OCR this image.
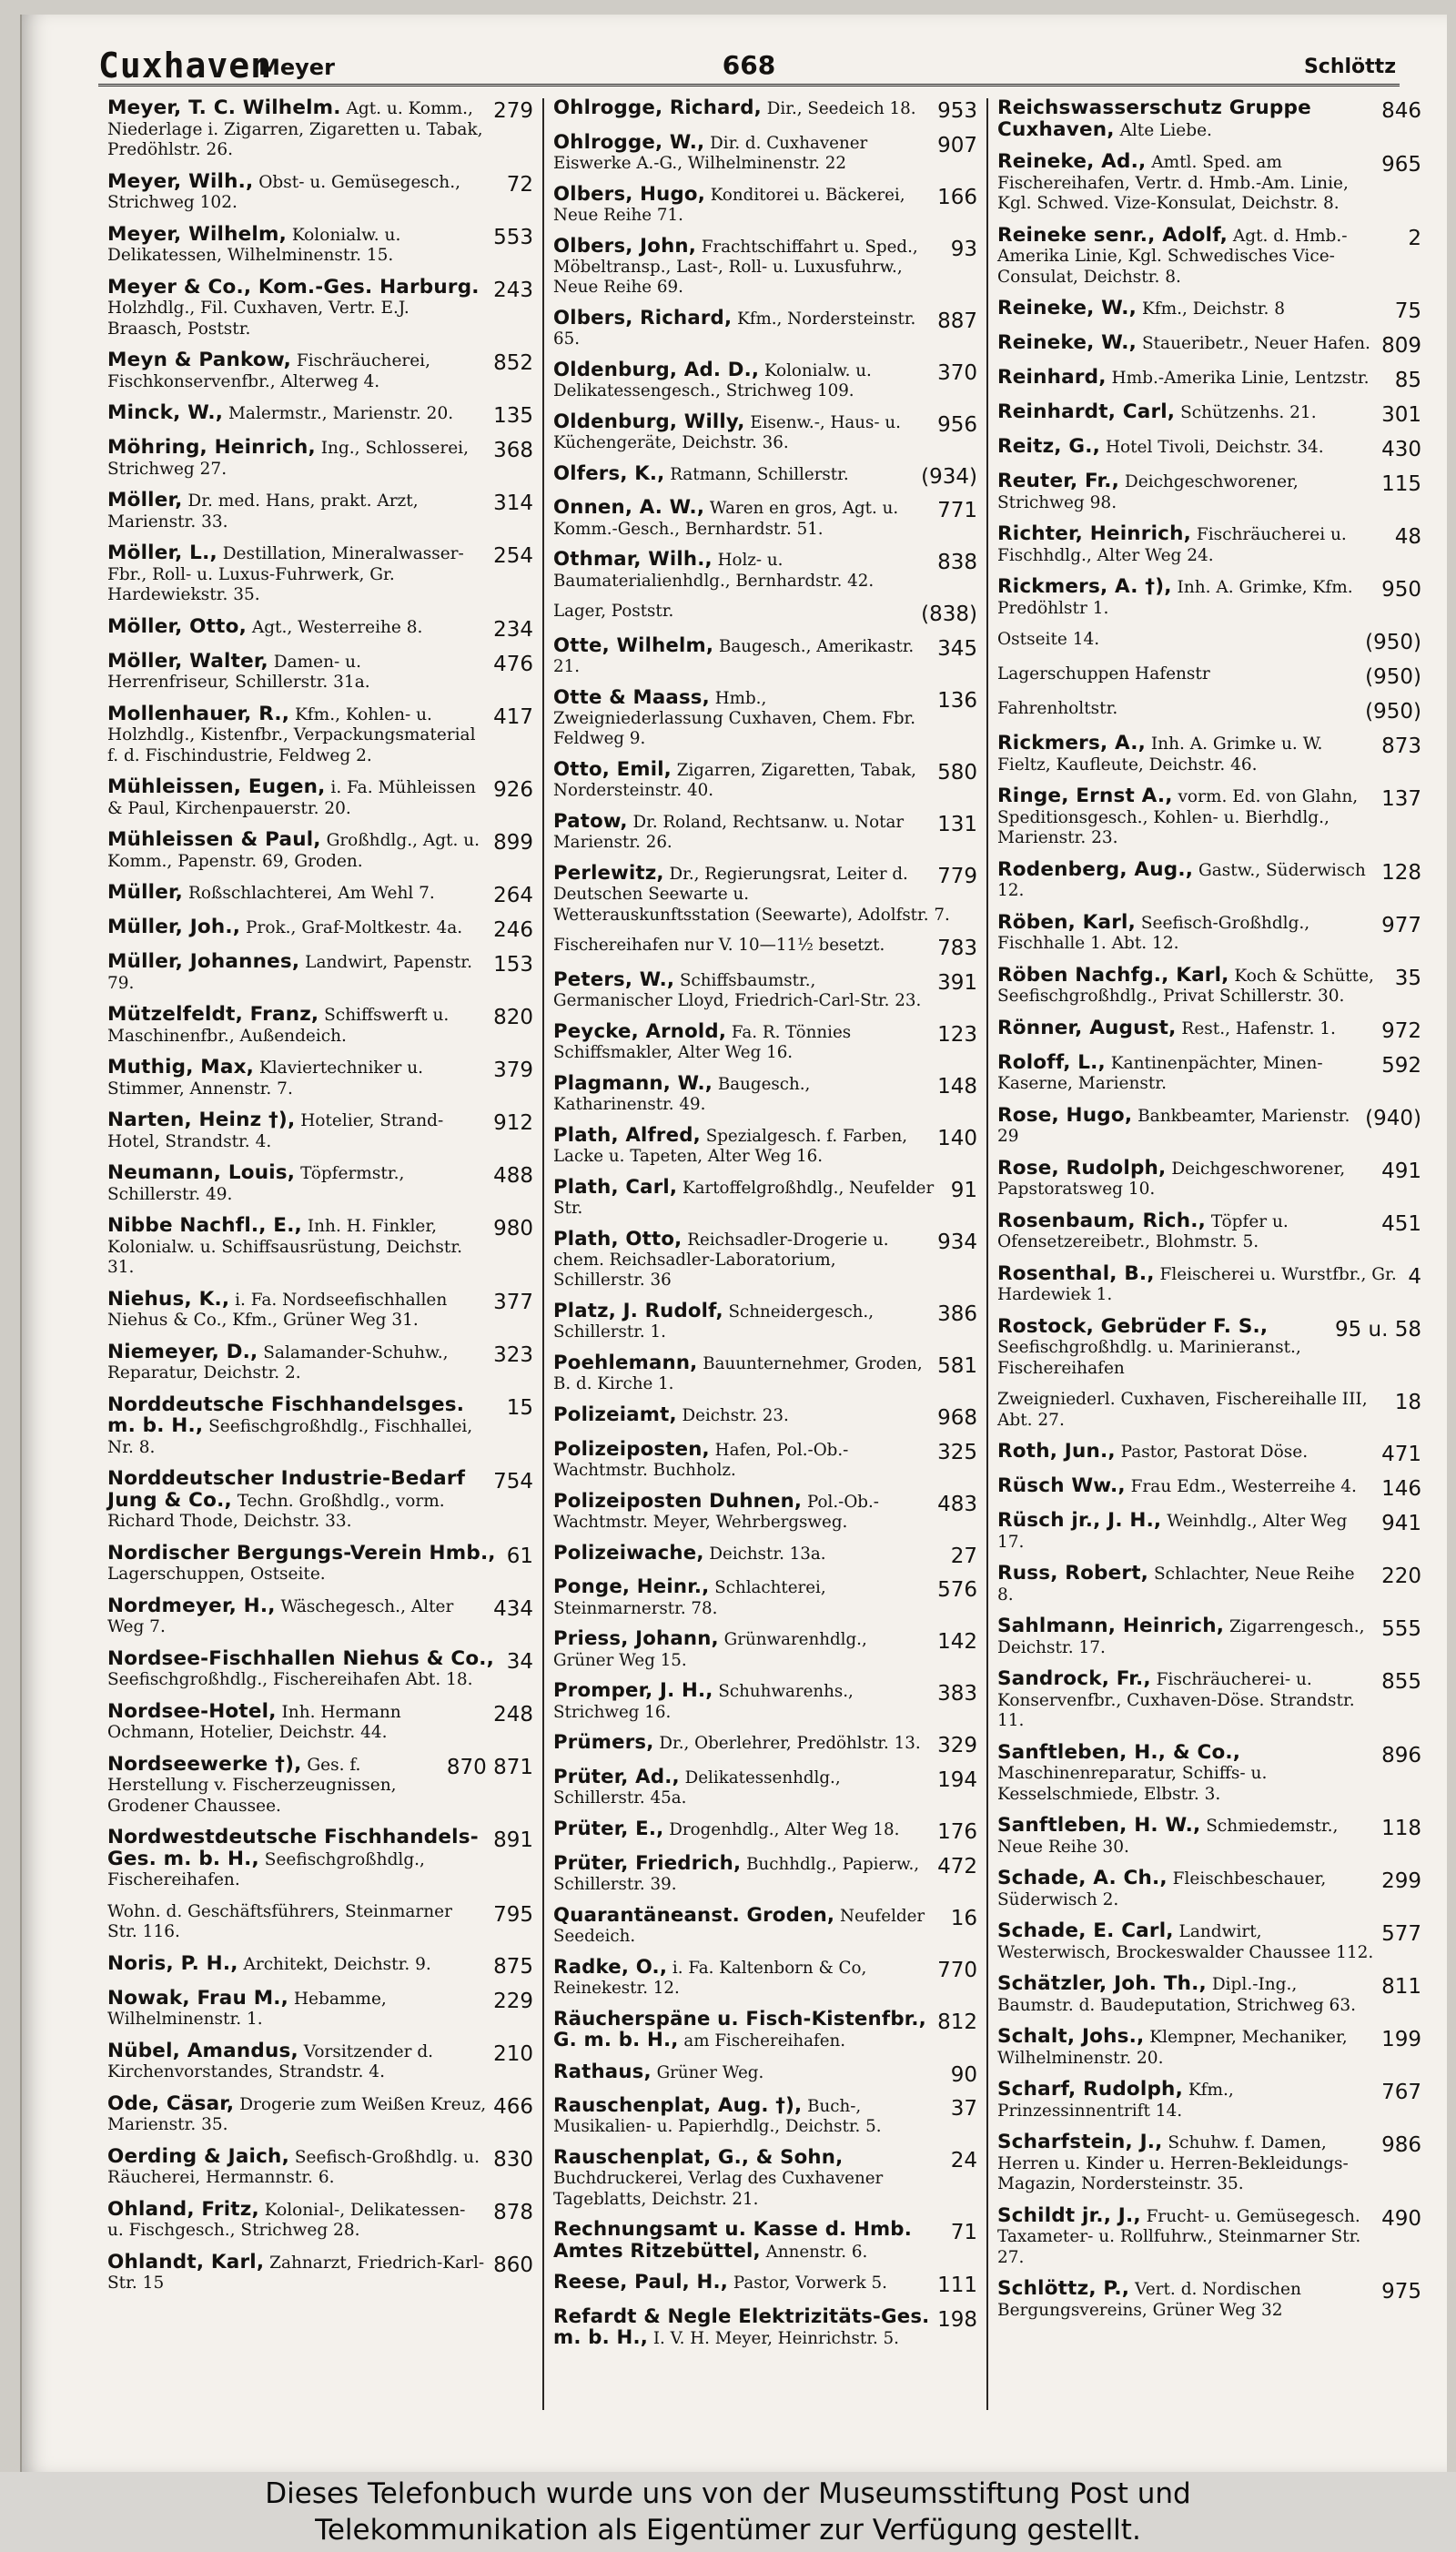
Cuxhaven
Meyer	668	Schlöttz
279
Meyer, T. C. Wilhelm. Agt. u. Komm., Niederlage i. Zigarren, Zigaretten u. Tabak, Predöhlstr. 26.
72
Meyer, Wilh., Obst- u. Gemüsegesch., Strichweg 102.
553
Meyer, Wilhelm, Kolonialw. u. Delikatessen, Wilhelminenstr. 15.
243
Meyer & Co., Kom.-Ges. Harburg. Holzhdlg., Fil. Cuxhaven, Vertr. E.J. Braasch, Poststr.
852
Meyn & Pankow, Fischräucherei, Fischkonservenfbr., Alterweg 4.
135
Minck, W., Malermstr., Marienstr. 20.
368
Möhring, Heinrich, Ing., Schlosserei, Strichweg 27.
314
Möller, Dr. med. Hans, prakt. Arzt, Marienstr. 33.
254
Möller, L., Destillation, Mineralwasser-Fbr., Roll- u. Luxus-Fuhrwerk, Gr. Hardewiekstr. 35.
234
Möller, Otto, Agt., Westerreihe 8.
476
Möller, Walter, Damen- u. Herrenfriseur, Schillerstr. 31a.
417
Mollenhauer, R., Kfm., Kohlen- u. Holzhdlg., Kistenfbr., Verpackungsmaterial f. d. Fischindustrie, Feldweg 2.
926
Mühleissen, Eugen, i. Fa. Mühleissen & Paul, Kirchenpauerstr. 20.
899
Mühleissen & Paul, Großhdlg., Agt. u. Komm., Papenstr. 69, Groden.
264
Müller, Roßschlachterei, Am Wehl 7.
246
Müller, Joh., Prok., Graf-Moltkestr. 4a.
153
Müller, Johannes, Landwirt, Papenstr. 79.
820
Mützelfeldt, Franz, Schiffswerft u. Maschinenfbr., Außendeich.
379
Muthig, Max, Klaviertechniker u. Stimmer, Annenstr. 7.
912
Narten, Heinz †), Hotelier, Strand-Hotel, Strandstr. 4.
488
Neumann, Louis, Töpfermstr., Schillerstr. 49.
980
Nibbe Nachfl., E., Inh. H. Finkler, Kolonialw. u. Schiffsausrüstung, Deichstr. 31.
377
Niehus, K., i. Fa. Nordseefischhallen Niehus & Co., Kfm., Grüner Weg 31.
323
Niemeyer, D., Salamander-Schuhw., Reparatur, Deichstr. 2.
15
Norddeutsche Fischhandelsges. m. b. H., Seefischgroßhdlg., Fischhallei, Nr. 8.
754
Norddeutscher Industrie-Bedarf Jung & Co., Techn. Großhdlg., vorm. Richard Thode, Deichstr. 33.
61
Nordischer Bergungs-Verein Hmb., Lagerschuppen, Ostseite.
434
Nordmeyer, H., Wäschegesch., Alter Weg 7.
34
Nordsee-Fischhallen Niehus & Co., Seefischgroßhdlg., Fischereihafen Abt. 18.
248
Nordsee-Hotel, Inh. Hermann Ochmann, Hotelier, Deichstr. 44.
870 871
Nordseewerke †), Ges. f. Herstellung v. Fischerzeugnissen, Grodener Chaussee.
891
Nordwestdeutsche Fischhandels-Ges. m. b. H., Seefischgroßhdlg., Fischereihafen.
795
Wohn. d. Geschäftsführers, Steinmarner Str. 116.
875
Noris, P. H., Architekt, Deichstr. 9.
229
Nowak, Frau M., Hebamme, Wilhelminenstr. 1.
210
Nübel, Amandus, Vorsitzender d. Kirchenvorstandes, Strandstr. 4.
466
Ode, Cäsar, Drogerie zum Weißen Kreuz, Marienstr. 35.
830
Oerding & Jaich, Seefisch-Großhdlg. u. Räucherei, Hermannstr. 6.
878
Ohland, Fritz, Kolonial-, Delikatessen- u. Fischgesch., Strichweg 28.
860
Ohlandt, Karl, Zahnarzt, Friedrich-Karl-Str. 15
953
Ohlrogge, Richard, Dir., Seedeich 18.
907
Ohlrogge, W., Dir. d. Cuxhavener Eiswerke A.-G., Wilhelminenstr. 22
166
Olbers, Hugo, Konditorei u. Bäckerei, Neue Reihe 71.
93
Olbers, John, Frachtschiffahrt u. Sped., Möbeltransp., Last-, Roll- u. Luxusfuhrw., Neue Reihe 69.
887
Olbers, Richard, Kfm., Nordersteinstr. 65.
370
Oldenburg, Ad. D., Kolonialw. u. Delikatessengesch., Strichweg 109.
956
Oldenburg, Willy, Eisenw.-, Haus- u. Küchengeräte, Deichstr. 36.
(934)
Olfers, K., Ratmann, Schillerstr.
771
Onnen, A. W., Waren en gros, Agt. u. Komm.-Gesch., Bernhardstr. 51.
838
Othmar, Wilh., Holz- u. Baumaterialienhdlg., Bernhardstr. 42.
(838)
Lager, Poststr.
345
Otte, Wilhelm, Baugesch., Amerikastr. 21.
136
Otte & Maass, Hmb., Zweigniederlassung Cuxhaven, Chem. Fbr. Feldweg 9.
580
Otto, Emil, Zigarren, Zigaretten, Tabak, Nordersteinstr. 40.
131
Patow, Dr. Roland, Rechtsanw. u. Notar Marienstr. 26.
779
Perlewitz, Dr., Regierungsrat, Leiter d. Deutschen Seewarte u. Wetterauskunftsstation (Seewarte), Adolfstr. 7.
783
Fischereihafen nur V. 10—11½ besetzt.
391
Peters, W., Schiffsbaumstr., Germanischer Lloyd, Friedrich-Carl-Str. 23.
123
Peycke, Arnold, Fa. R. Tönnies Schiffsmakler, Alter Weg 16.
148
Plagmann, W., Baugesch., Katharinenstr. 49.
140
Plath, Alfred, Spezialgesch. f. Farben, Lacke u. Tapeten, Alter Weg 16.
91
Plath, Carl, Kartoffelgroßhdlg., Neufelder Str.
934
Plath, Otto, Reichsadler-Drogerie u. chem. Reichsadler-Laboratorium, Schillerstr. 36
386
Platz, J. Rudolf, Schneidergesch., Schillerstr. 1.
581
Poehlemann, Bauunternehmer, Groden, B. d. Kirche 1.
968
Polizeiamt, Deichstr. 23.
325
Polizeiposten, Hafen, Pol.-Ob.-Wachtmstr. Buchholz.
483
Polizeiposten Duhnen, Pol.-Ob.-Wachtmstr. Meyer, Wehrbergsweg.
27
Polizeiwache, Deichstr. 13a.
576
Ponge, Heinr., Schlachterei, Steinmarnerstr. 78.
142
Priess, Johann, Grünwarenhdlg., Grüner Weg 15.
383
Promper, J. H., Schuhwarenhs., Strichweg 16.
329
Prümers, Dr., Oberlehrer, Predöhlstr. 13.
194
Prüter, Ad., Delikatessenhdlg., Schillerstr. 45a.
176
Prüter, E., Drogenhdlg., Alter Weg 18.
472
Prüter, Friedrich, Buchhdlg., Papierw., Schillerstr. 39.
16
Quarantäneanst. Groden, Neufelder Seedeich.
770
Radke, O., i. Fa. Kaltenborn & Co, Reinekestr. 12.
812
Räucherspäne u. Fisch-Kistenfbr., G. m. b. H., am Fischereihafen.
90
Rathaus, Grüner Weg.
37
Rauschenplat, Aug. †), Buch-, Musikalien- u. Papierhdlg., Deichstr. 5.
24
Rauschenplat, G., & Sohn, Buchdruckerei, Verlag des Cuxhavener Tageblatts, Deichstr. 21.
71
Rechnungsamt u. Kasse d. Hmb. Amtes Ritzebüttel, Annenstr. 6.
111
Reese, Paul, H., Pastor, Vorwerk 5.
198
Refardt & Negle Elektrizitäts-Ges. m. b. H., I. V. H. Meyer, Heinrichstr. 5.
846
Reichswasserschutz Gruppe Cuxhaven, Alte Liebe.
965
Reineke, Ad., Amtl. Sped. am Fischereihafen, Vertr. d. Hmb.-Am. Linie, Kgl. Schwed. Vize-Konsulat, Deichstr. 8.
2
Reineke senr., Adolf, Agt. d. Hmb.-Amerika Linie, Kgl. Schwedisches Vice-Consulat, Deichstr. 8.
75
Reineke, W., Kfm., Deichstr. 8
809
Reineke, W., Staueribetr., Neuer Hafen.
85
Reinhard, Hmb.-Amerika Linie, Lentzstr.
301
Reinhardt, Carl, Schützenhs. 21.
430
Reitz, G., Hotel Tivoli, Deichstr. 34.
115
Reuter, Fr., Deichgeschworener, Strichweg 98.
48
Richter, Heinrich, Fischräucherei u. Fischhdlg., Alter Weg 24.
950
Rickmers, A. †), Inh. A. Grimke, Kfm. Predöhlstr 1.
(950)
Ostseite 14.
(950)
Lagerschuppen Hafenstr
(950)
Fahrenholtstr.
873
Rickmers, A., Inh. A. Grimke u. W. Fieltz, Kaufleute, Deichstr. 46.
137
Ringe, Ernst A., vorm. Ed. von Glahn, Speditionsgesch., Kohlen- u. Bierhdlg., Marienstr. 23.
128
Rodenberg, Aug., Gastw., Süderwisch 12.
977
Röben, Karl, Seefisch-Großhdlg., Fischhalle 1. Abt. 12.
35
Röben Nachfg., Karl, Koch & Schütte, Seefischgroßhdlg., Privat Schillerstr. 30.
972
Rönner, August, Rest., Hafenstr. 1.
592
Roloff, L., Kantinenpächter, Minen-Kaserne, Marienstr.
(940)
Rose, Hugo, Bankbeamter, Marienstr. 29
491
Rose, Rudolph, Deichgeschworener, Papstoratsweg 10.
451
Rosenbaum, Rich., Töpfer u. Ofensetzereibetr., Blohmstr. 5.
4
Rosenthal, B., Fleischerei u. Wurstfbr., Gr. Hardewiek 1.
95 u. 58
Rostock, Gebrüder F. S., Seefischgroßhdlg. u. Marinieranst., Fischereihafen
18
Zweigniederl. Cuxhaven, Fischereihalle III, Abt. 27.
471
Roth, Jun., Pastor, Pastorat Döse.
146
Rüsch Ww., Frau Edm., Westerreihe 4.
941
Rüsch jr., J. H., Weinhdlg., Alter Weg 17.
220
Russ, Robert, Schlachter, Neue Reihe 8.
555
Sahlmann, Heinrich, Zigarrengesch., Deichstr. 17.
855
Sandrock, Fr., Fischräucherei- u. Konservenfbr., Cuxhaven-Döse. Strandstr. 11.
896
Sanftleben, H., & Co., Maschinenreparatur, Schiffs- u. Kesselschmiede, Elbstr. 3.
118
Sanftleben, H. W., Schmiedemstr., Neue Reihe 30.
299
Schade, A. Ch., Fleischbeschauer, Süderwisch 2.
577
Schade, E. Carl, Landwirt, Westerwisch, Brockeswalder Chaussee 112.
811
Schätzler, Joh. Th., Dipl.-Ing., Baumstr. d. Baudeputation, Strichweg 63.
199
Schalt, Johs., Klempner, Mechaniker, Wilhelminenstr. 20.
767
Scharf, Rudolph, Kfm., Prinzessinnentrift 14.
986
Scharfstein, J., Schuhw. f. Damen, Herren u. Kinder u. Herren-Bekleidungs-Magazin, Nordersteinstr. 35.
490
Schildt jr., J., Frucht- u. Gemüsegesch. Taxameter- u. Rollfuhrw., Steinmarner Str. 27.
975
Schlöttz, P., Vert. d. Nordischen Bergungsvereins, Grüner Weg 32
Dieses Telefonbuch wurde uns von der Museumsstiftung Post und
Telekommunikation als Eigentümer zur Verfügung gestellt.
